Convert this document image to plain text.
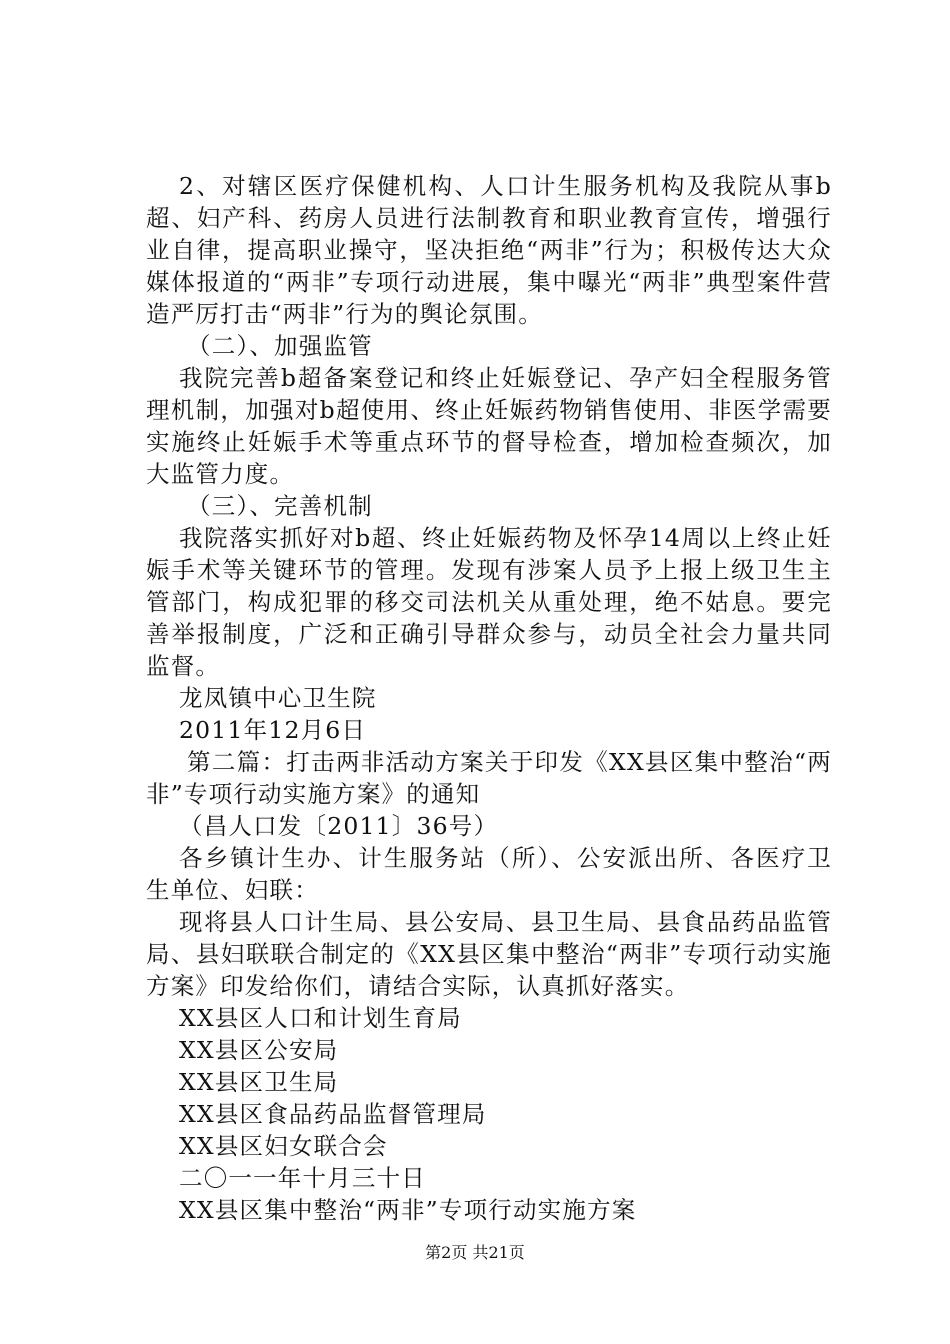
2、对辖区医疗保健机构、人口计生服务机构及我院从事b超、妇产科、药房人员进行法制教育和职业教育宣传，增强行业自律，提高职业操守，坚决拒绝“两非”行为；积极传达大众媒体报道的“两非”专项行动进展，集中曝光“两非”典型案件营造严厉打击“两非”行为的舆论氛围。

（二）、加强监管

我院完善b超备案登记和终止妊娠登记、孕产妇全程服务管理机制，加强对b超使用、终止妊娠药物销售使用、非医学需要实施终止妊娠手术等重点环节的督导检查，增加检查频次，加大监管力度。

（三）、完善机制

我院落实抓好对b超、终止妊娠药物及怀孕14周以上终止妊娠手术等关键环节的管理。发现有涉案人员予上报上级卫生主管部门，构成犯罪的移交司法机关从重处理，绝不姑息。要完善举报制度，广泛和正确引导群众参与，动员全社会力量共同监督。

龙凤镇中心卫生院

2011年12月6日

第二篇：打击两非活动方案关于印发《XX县区集中整治“两非”专项行动实施方案》的通知

（昌人口发〔2011〕36号）

各乡镇计生办、计生服务站（所）、公安派出所、各医疗卫生单位、妇联：

现将县人口计生局、县公安局、县卫生局、县食品药品监管局、县妇联联合制定的《XX县区集中整治“两非”专项行动实施方案》印发给你们，请结合实际，认真抓好落实。

XX县区人口和计划生育局

XX县区公安局

XX县区卫生局

XX县区食品药品监督管理局

XX县区妇女联合会

二〇一一年十月三十日

XX县区集中整治“两非”专项行动实施方案

第2页 共21页
